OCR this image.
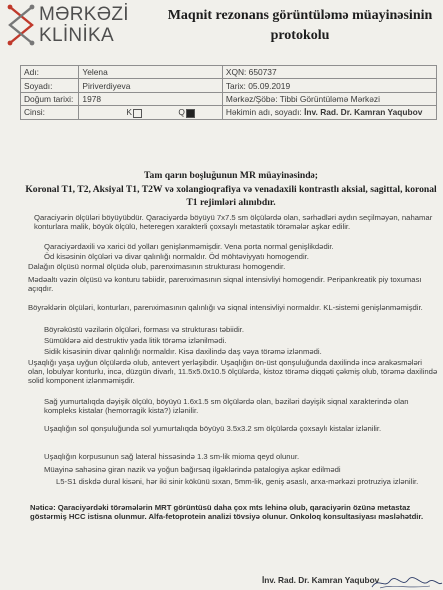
MƏRKƏZİ
KLİNİKA
Maqnit rezonans görüntüləmə müayinəsinin protokolu
Adı:	Yelena	XQN: 650737
Soyadı:	Piriverdiyeva	Tarix: 05.09.2019
Doğum tarixi:	1978	Mərkəz/Şöbə: Tibbi Görüntüləmə Mərkəzi
Cinsi:	K Q	Həkimin adı, soyadı: İnv. Rad. Dr. Kamran Yaqubov
Tam qarın boşluğunun MR müayinəsində;
Koronal T1, T2, Aksiyal T1, T2W və xolangioqrafiya və venadaxili kontrastlı aksial, sagittal, koronal T1 rejimləri alınıbdır.
Qaraciyərin ölçüləri böyüyübdür. Qaraciyərdə böyüyü 7x7.5 sm ölçülərdə olan, sərhədləri aydın seçilməyən, nahamar konturlara malik, böyük ölçülü, heteregen xarakterli çoxsaylı metastatik törəmələr aşkar edilir.
Qaraciyərdaxili və xarici öd yolları genişlənməmişdir. Vena porta normal genişlikdədir.
Öd kisəsinin ölçüləri və divar qalınlığı normaldır. Öd möhtəviyyatı homogendir.
Dalağın ölçüsü normal ölçüdə olub, parenximasının strukturası homogendir.
Mədəaltı vəzin ölçüsü və konturu təbiidir, parenximasının siqnal intensivliyi homogendir. Peripankreatik piy toxuması açıqdır.
Böyrəklərin ölçüləri, konturları, parenximasının qalınlığı və siqnal intensivliyi normaldır. KL-sistemi genişlənməmişdir.
Böyrəküstü vəzilərin ölçüləri, forması və strukturası təbiidir.
Sümüklərə aid destruktiv yada litik törəmə izlənilmədi.
Sidik kisəsinin divar qalınlığı normaldır. Kisə daxilində daş vəya törəmə izlənmədi.
Uşaqlığı yaşa uyğun ölçülərdə olub, antevert yerləşibdir. Uşaqlığın ön-üst qonşuluğunda daxilində incə arakəsmələri olan, lobulyar konturlu, incə, düzgün divarlı, 11.5x5.0x10.5 ölçülərdə, kistoz törəmə diqqəti çəkmiş olub, törəmə daxilində solid komponent izlənməmişdir.
Sağ yumurtalıqda dəyişik ölçülü, böyüyü 1.6x1.5 sm ölçülərdə olan, bəziləri dəyişik siqnal xarakterində olan kompleks kistalar (hemorragik kista?) izlənilir.
Uşaqlığın sol qonşuluğunda sol yumurtalıqda böyüyü 3.5x3.2 sm ölçülərdə çoxsaylı kistalar izlənilir.
Uşaqlığın korpusunun sağ lateral hissəsində 1.3 sm-lik mioma qeyd olunur.
Müayinə sahəsinə giran nazik və yoğun bağırsaq ilgəklərində patalogiya aşkar edilmədi
L5-S1 diskdə dural kisəni, hər iki sinir kökünü sıxan, 5mm-lik, geniş əsaslı, arxa-mərkəzi protruziya izlənilir.
Nəticə: Qaraciyərdəki törəmələrin MRT görüntüsü daha çox mts lehinə olub, qaraciyərin özünə metastaz göstərmiş HCC istisna olunmur. Alfa-fetoprotein analizi tövsiyə olunur. Onkoloq konsultasiyası məsləhətdir.
İnv. Rad. Dr. Kamran Yaqubov
